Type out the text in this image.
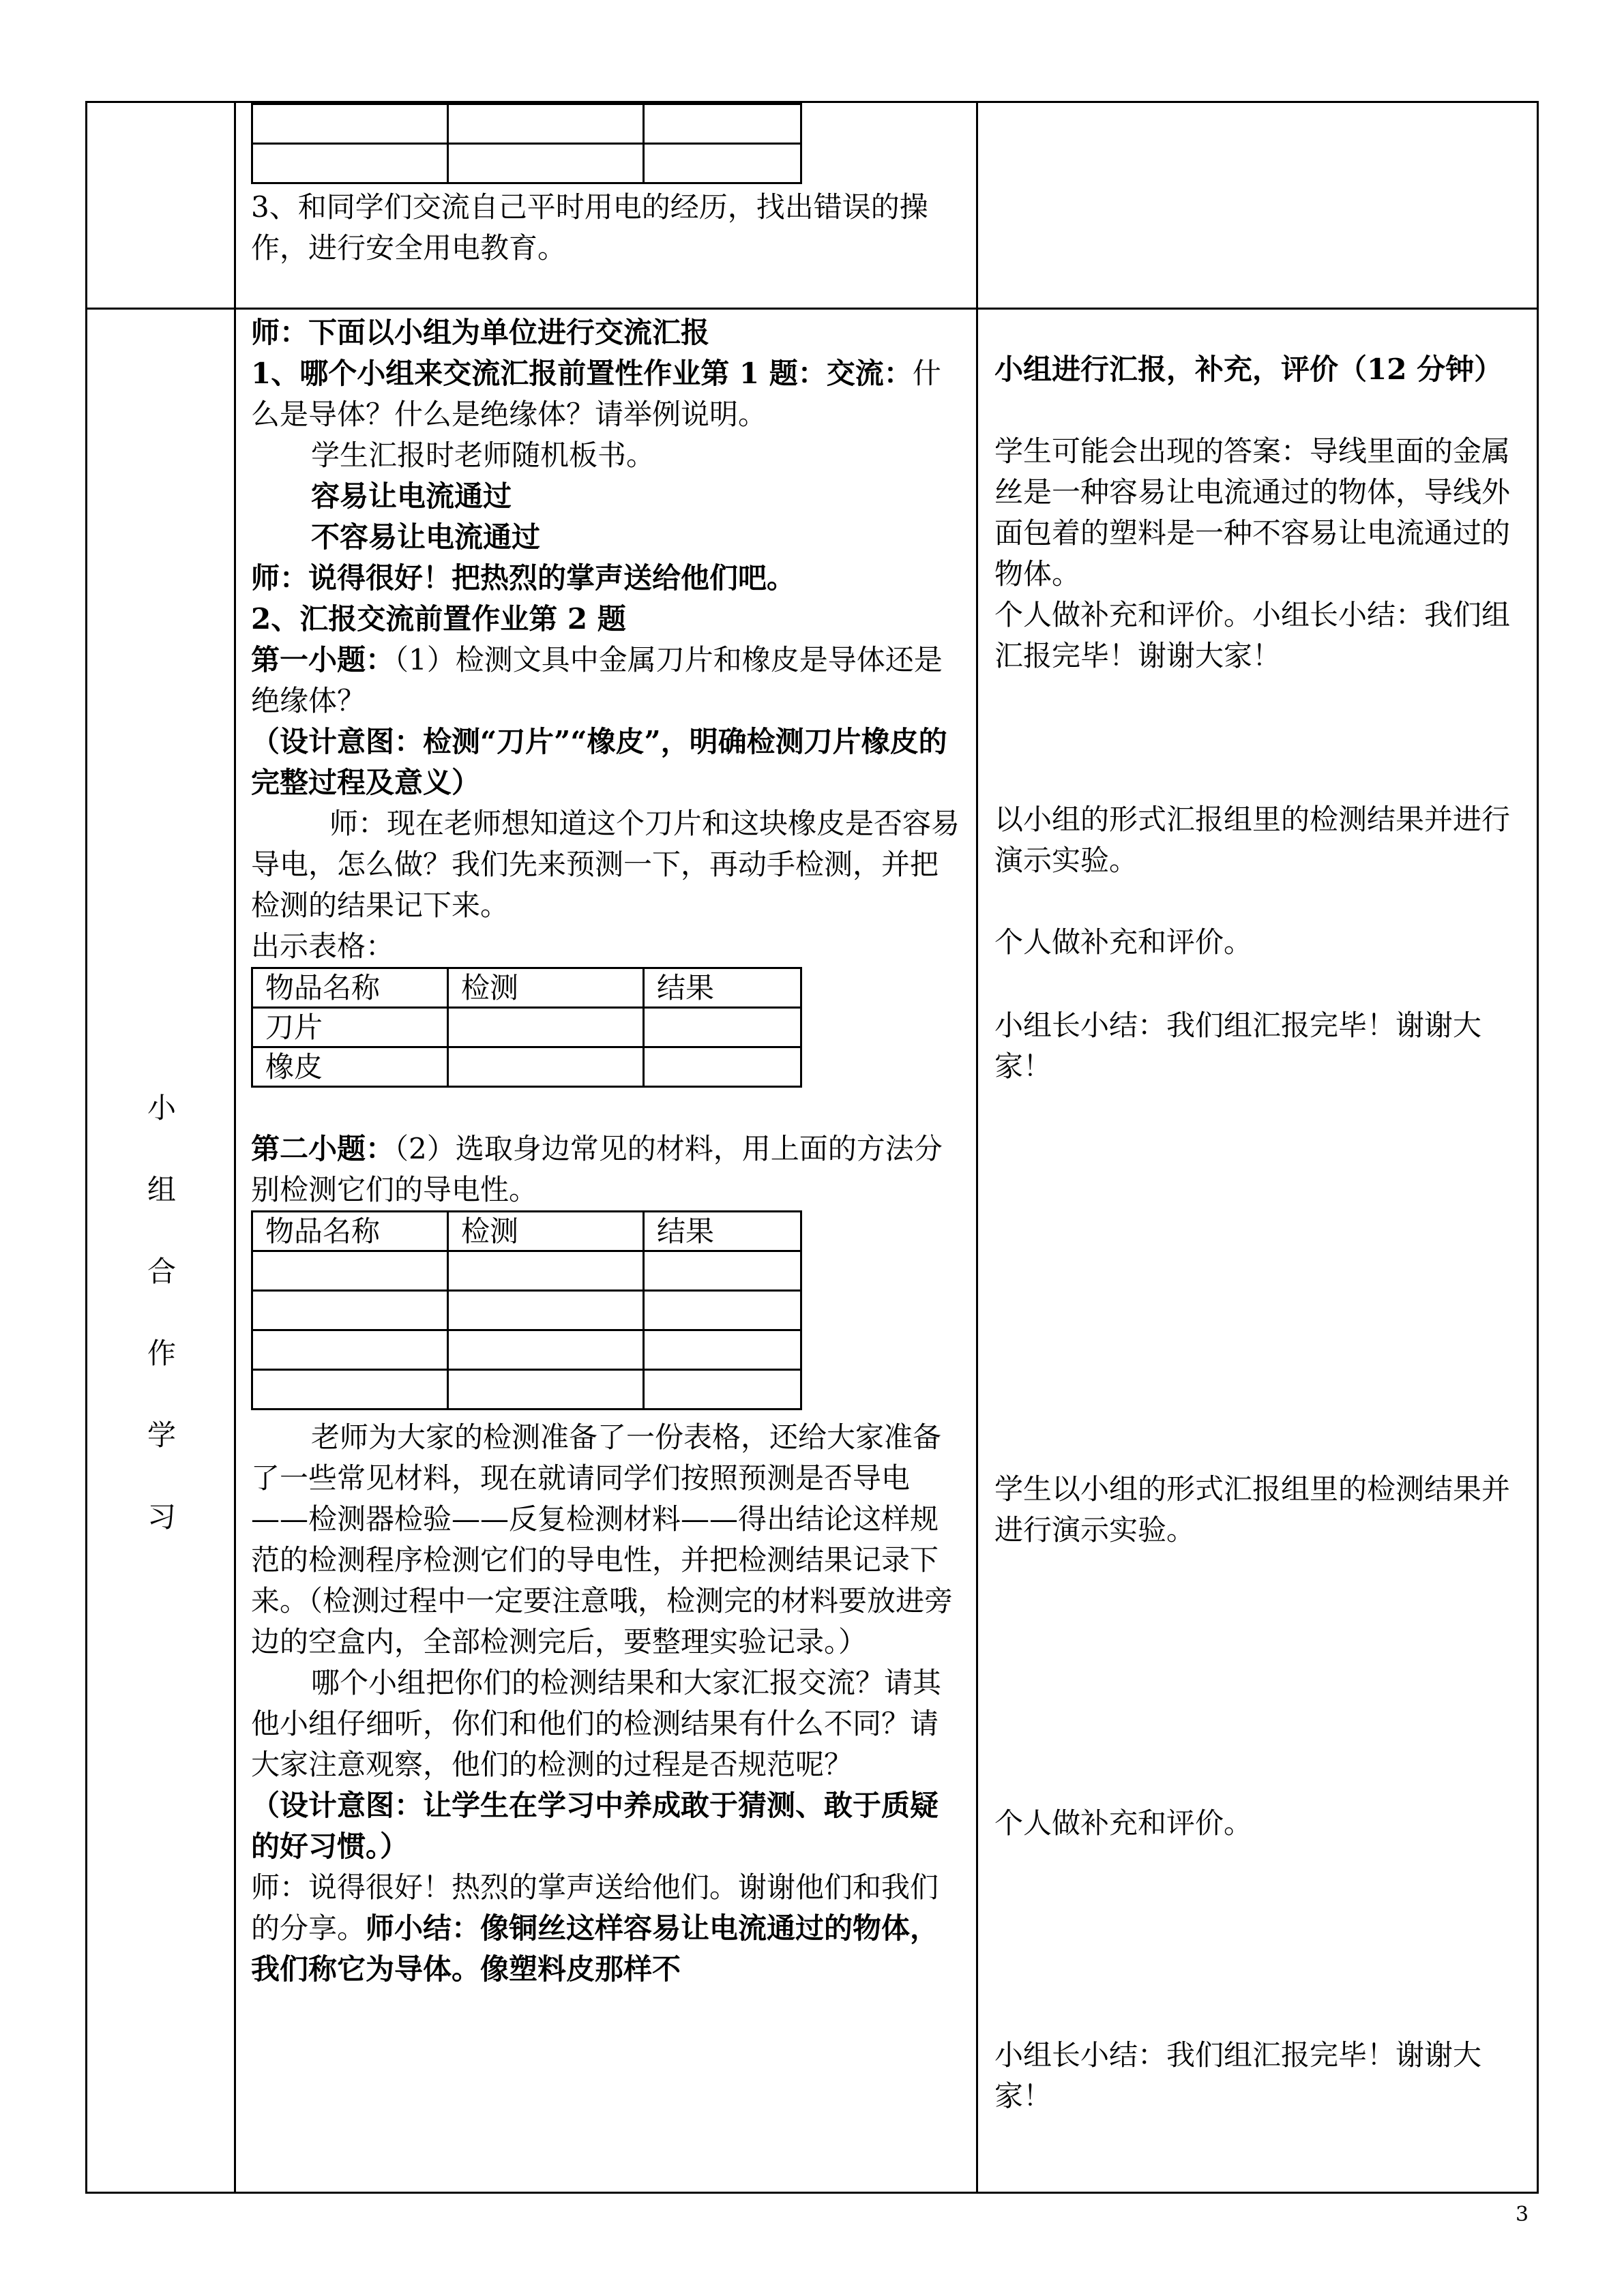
3、和同学们交流自己平时用电的经历，找出错误的操作，进行安全用电教育。

小
组
合
作
学
习

师：下面以小组为单位进行交流汇报

1、哪个小组来交流汇报前置性作业第 1 题：交流：什么是导体？什么是绝缘体？请举例说明。

学生汇报时老师随机板书。

容易让电流通过

不容易让电流通过

师：说得很好！把热烈的掌声送给他们吧。

2、汇报交流前置作业第 2 题

第一小题：（1）检测文具中金属刀片和橡皮是导体还是绝缘体？

（设计意图：检测“刀片”“橡皮”，明确检测刀片橡皮的完整过程及意义）

师：现在老师想知道这个刀片和这块橡皮是否容易导电，怎么做？我们先来预测一下，再动手检测，并把检测的结果记下来。

出示表格：

物品名称	检测	结果
刀片		
橡皮		

第二小题：（2）选取身边常见的材料，用上面的方法分别检测它们的导电性。

物品名称	检测	结果

老师为大家的检测准备了一份表格，还给大家准备了一些常见材料，现在就请同学们按照预测是否导电——检测器检验——反复检测材料——得出结论这样规范的检测程序检测它们的导电性，并把检测结果记录下来。（检测过程中一定要注意哦，检测完的材料要放进旁边的空盒内，全部检测完后，要整理实验记录。）

哪个小组把你们的检测结果和大家汇报交流？请其他小组仔细听，你们和他们的检测结果有什么不同？请大家注意观察，他们的检测的过程是否规范呢？

（设计意图：让学生在学习中养成敢于猜测、敢于质疑的好习惯。）

师：说得很好！热烈的掌声送给他们。谢谢他们和我们的分享。师小结：像铜丝这样容易让电流通过的物体，我们称它为导体。像塑料皮那样不

小组进行汇报，补充，评价（12 分钟）

学生可能会出现的答案：导线里面的金属丝是一种容易让电流通过的物体，导线外面包着的塑料是一种不容易让电流通过的物体。

个人做补充和评价。小组长小结：我们组汇报完毕！谢谢大家！

以小组的形式汇报组里的检测结果并进行演示实验。

个人做补充和评价。

小组长小结：我们组汇报完毕！谢谢大家！

学生以小组的形式汇报组里的检测结果并进行演示实验。

个人做补充和评价。

小组长小结：我们组汇报完毕！谢谢大家！

3
